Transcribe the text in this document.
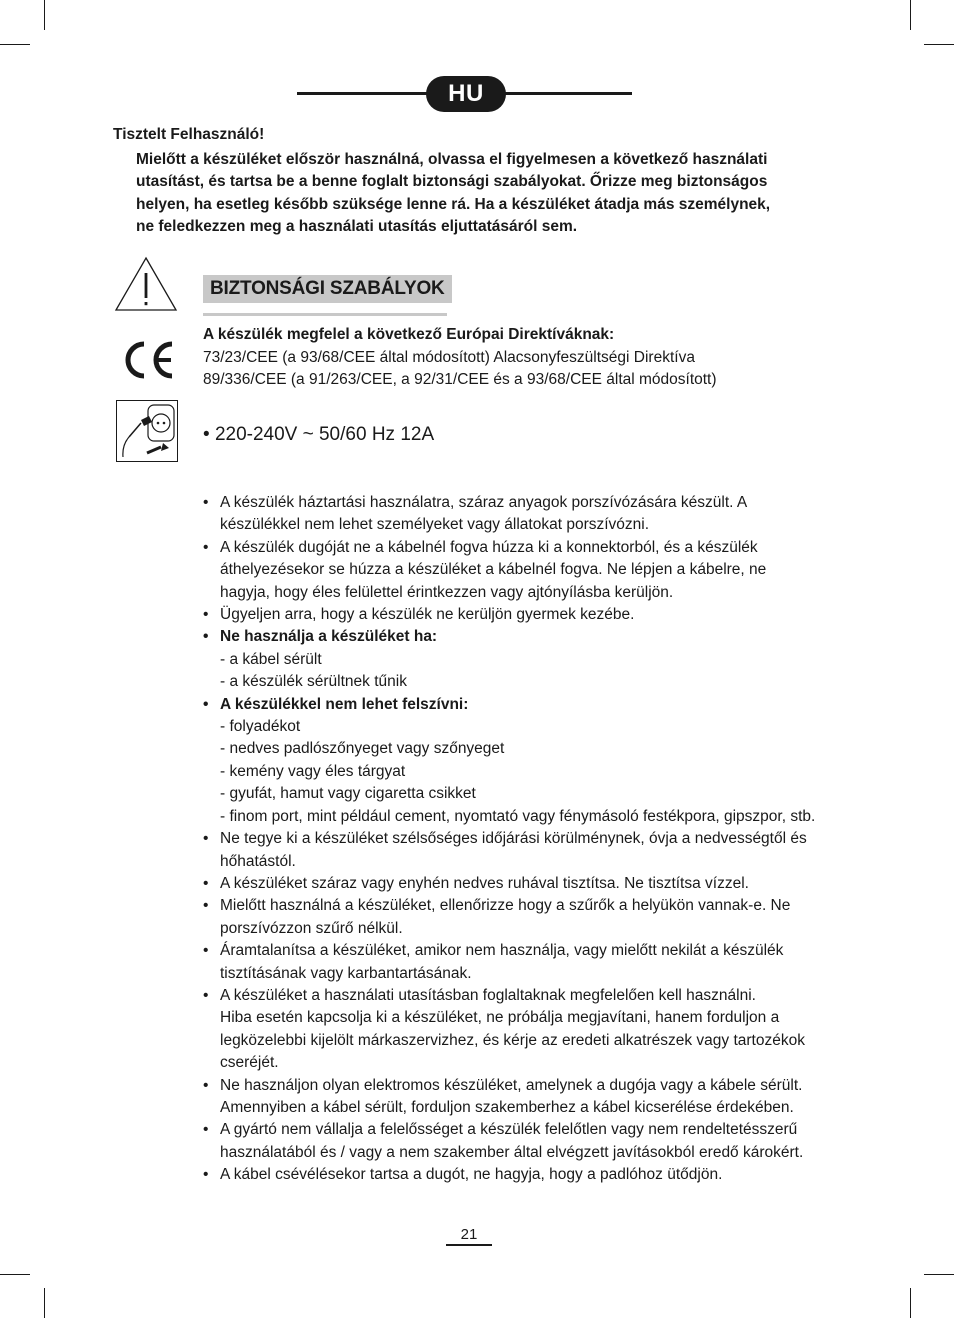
HU
Tisztelt Felhasználó!
Mielőtt a készüléket először használná, olvassa el figyelmesen a következő használati
utasítást, és tartsa be a benne foglalt biztonsági szabályokat. Őrizze meg biztonságos
helyen, ha esetleg később szüksége lenne rá. Ha a készüléket átadja más személynek,
ne feledkezzen meg a használati utasítás eljuttatásáról sem.
BIZTONSÁGI SZABÁLYOK
A készülék megfelel a következő Európai Direktíváknak:
73/23/CEE (a 93/68/CEE által módosított) Alacsonyfeszültségi Direktíva
89/336/CEE (a 91/263/CEE, a 92/31/CEE és a 93/68/CEE által módosított)
• 220-240V ~ 50/60 Hz 12A
• A készülék háztartási használatra, száraz anyagok porszívózására készült. A
készülékkel nem lehet személyeket vagy állatokat porszívózni.
• A készülék dugóját ne a kábelnél fogva húzza ki a konnektorból, és a készülék
áthelyezésekor se húzza a készüléket a kábelnél fogva. Ne lépjen a kábelre, ne
hagyja, hogy éles felülettel érintkezzen vagy ajtónyílásba kerüljön.
• Ügyeljen arra, hogy a készülék ne kerüljön gyermek kezébe.
• Ne használja a készüléket ha:
- a kábel sérült
- a készülék sérültnek tűnik
• A készülékkel nem lehet felszívni:
- folyadékot
- nedves padlószőnyeget vagy szőnyeget
- kemény vagy éles tárgyat
- gyufát, hamut vagy cigaretta csikket
- finom port, mint például cement, nyomtató vagy fénymásoló festékpora, gipszpor, stb.
• Ne tegye ki a készüléket szélsőséges időjárási körülménynek, óvja a nedvességtől és
hőhatástól.
• A készüléket száraz vagy enyhén nedves ruhával tisztítsa. Ne tisztítsa vízzel.
• Mielőtt használná a készüléket, ellenőrizze hogy a szűrők a helyükön vannak-e. Ne
porszívózzon szűrő nélkül.
• Áramtalanítsa a készüléket, amikor nem használja, vagy mielőtt nekilát a készülék
tisztításának vagy karbantartásának.
• A készüléket a használati utasításban foglaltaknak megfelelően kell használni.
Hiba esetén kapcsolja ki a készüléket, ne próbálja megjavítani, hanem forduljon a
legközelebbi kijelölt márkaszervizhez, és kérje az eredeti alkatrészek vagy tartozékok
cseréjét.
• Ne használjon olyan elektromos készüléket, amelynek a dugója vagy a kábele sérült.
Amennyiben a kábel sérült, forduljon szakemberhez a kábel kicserélése érdekében.
• A gyártó nem vállalja a felelősséget a készülék felelőtlen vagy nem rendeltetésszerű
használatából és / vagy a nem szakember által elvégzett javításokból eredő károkért.
• A kábel csévélésekor tartsa a dugót, ne hagyja, hogy a padlóhoz ütődjön.
21
